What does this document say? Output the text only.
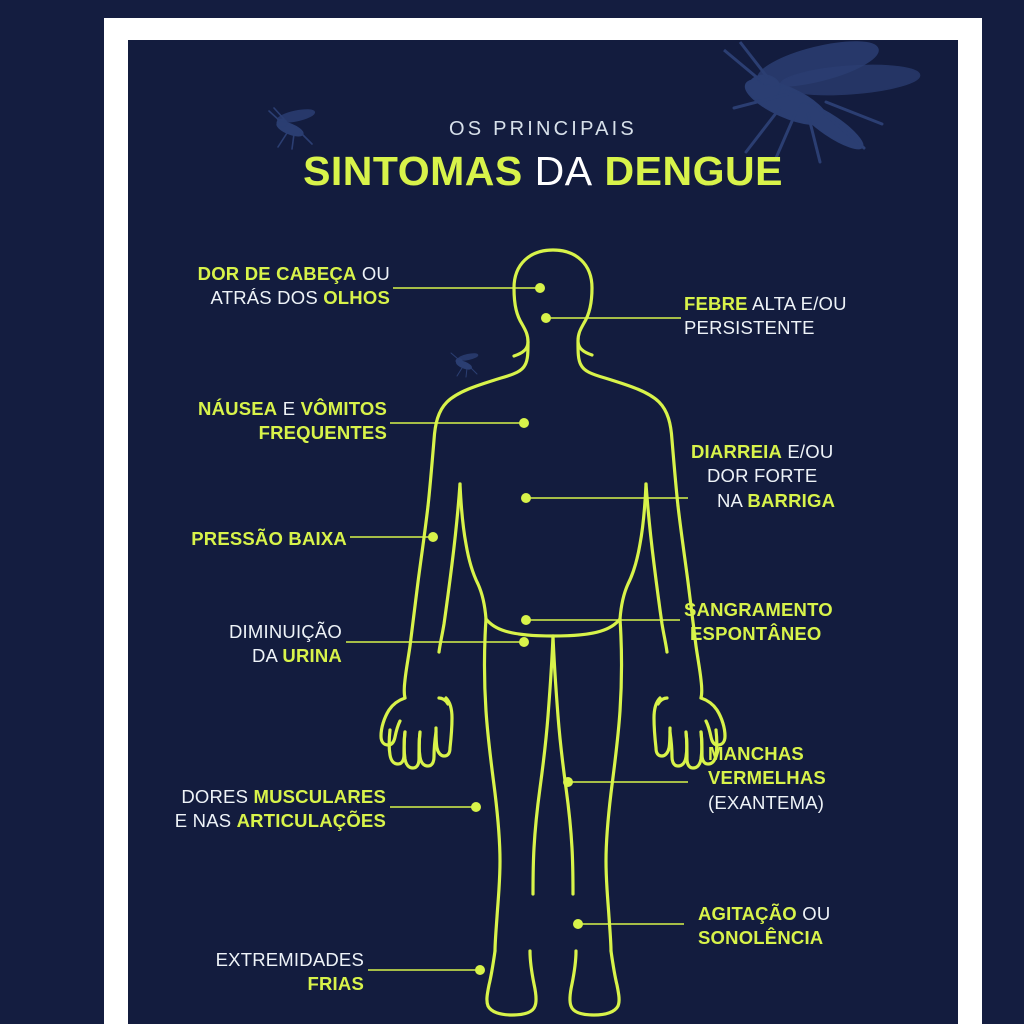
OS PRINCIPAIS
SINTOMAS DA DENGUE
DOR DE CABEÇA OU
ATRÁS DOS OLHOS	FEBRE ALTA E/OU
PERSISTENTE
NÁUSEA E VÔMITOS
FREQUENTES
DIARREIA E/OU
DOR FORTE
NA BARRIGA
PRESSÃO BAIXA
SANGRAMENTO
ESPONTÂNEO
DIMINUIÇÃO
DA URINA
MANCHAS
VERMELHAS
(EXANTEMA)
DORES MUSCULARES
E NAS ARTICULAÇÕES
AGITAÇÃO OU
SONOLÊNCIA
EXTREMIDADES
FRIAS
